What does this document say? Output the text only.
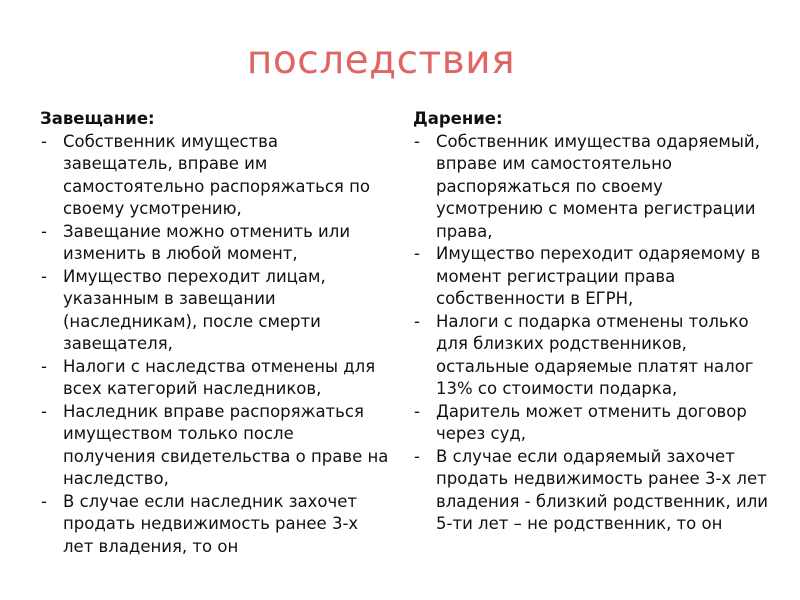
последствия

Завещание:

- Собственник имущества завещатель, вправе им самостоятельно распоряжаться по своему усмотрению,
- Завещание можно отменить или изменить в любой момент,
- Имущество переходит лицам, указанным в завещании (наследникам), после смерти завещателя,
- Налоги с наследства отменены для всех категорий наследников,
- Наследник вправе распоряжаться имуществом только после получения свидетельства о праве на наследство,
- В случае если наследник захочет продать недвижимость ранее 3-х лет владения, то он

Дарение:

- Собственник имущества одаряемый, вправе им самостоятельно распоряжаться по своему усмотрению с момента регистрации права,
- Имущество переходит одаряемому в момент регистрации права собственности в ЕГРН,
- Налоги с подарка отменены только для близких родственников, остальные одаряемые платят налог 13% со стоимости подарка,
- Даритель может отменить договор через суд,
- В случае если одаряемый захочет продать недвижимость ранее 3-х лет владения - близкий родственник, или 5-ти лет – не родственник, то он
